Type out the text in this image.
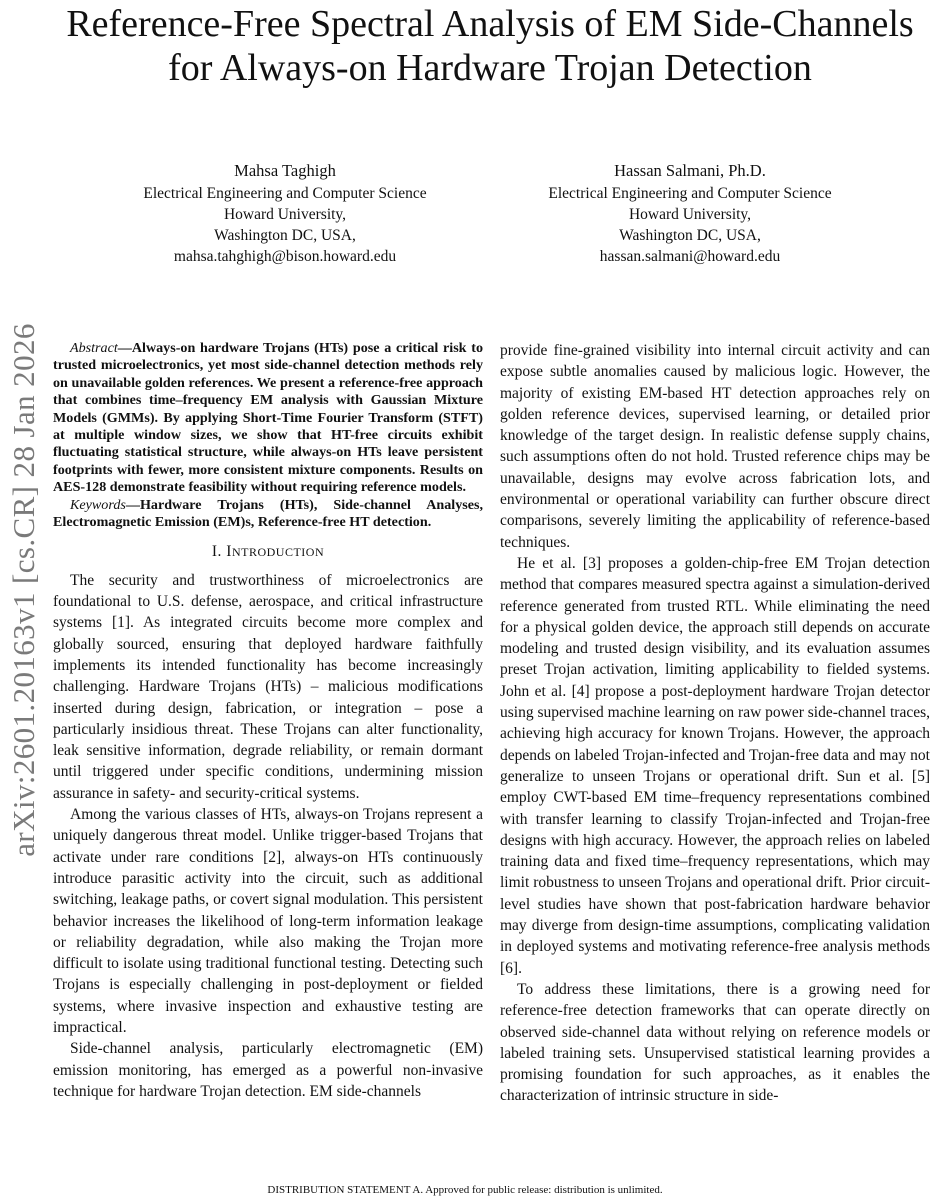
Reference-Free Spectral Analysis of EM Side-Channels for Always-on Hardware Trojan Detection
Mahsa Taghigh
Electrical Engineering and Computer Science
Howard University,
Washington DC, USA,
mahsa.tahghigh@bison.howard.edu
Hassan Salmani, Ph.D.
Electrical Engineering and Computer Science
Howard University,
Washington DC, USA,
hassan.salmani@howard.edu
arXiv:2601.20163v1 [cs.CR] 28 Jan 2026	Abstract—Always-on hardware Trojans (HTs) pose a critical risk to trusted microelectronics, yet most side-channel detection methods rely on unavailable golden references. We present a reference-free approach that combines time–frequency EM analysis with Gaussian Mixture Models (GMMs). By applying Short-Time Fourier Transform (STFT) at multiple window sizes, we show that HT-free circuits exhibit fluctuating statistical structure, while always-on HTs leave persistent footprints with fewer, more consistent mixture components. Results on AES-128 demonstrate feasibility without requiring reference models.

Keywords—Hardware Trojans (HTs), Side-channel Analyses, Electromagnetic Emission (EM)s, Reference-free HT detection.

I. INTRODUCTION

The security and trustworthiness of microelectronics are foundational to U.S. defense, aerospace, and critical infrastructure systems [1]. As integrated circuits become more complex and globally sourced, ensuring that deployed hardware faithfully implements its intended functionality has become increasingly challenging. Hardware Trojans (HTs) – malicious modifications inserted during design, fabrication, or integration – pose a particularly insidious threat. These Trojans can alter functionality, leak sensitive information, degrade reliability, or remain dormant until triggered under specific conditions, undermining mission assurance in safety- and security-critical systems.

Among the various classes of HTs, always-on Trojans represent a uniquely dangerous threat model. Unlike trigger-based Trojans that activate under rare conditions [2], always-on HTs continuously introduce parasitic activity into the circuit, such as additional switching, leakage paths, or covert signal modulation. This persistent behavior increases the likelihood of long-term information leakage or reliability degradation, while also making the Trojan more difficult to isolate using traditional functional testing. Detecting such Trojans is especially challenging in post-deployment or fielded systems, where invasive inspection and exhaustive testing are impractical.

Side-channel analysis, particularly electromagnetic (EM) emission monitoring, has emerged as a powerful non-invasive technique for hardware Trojan detection. EM side-channels

provide fine-grained visibility into internal circuit activity and can expose subtle anomalies caused by malicious logic. However, the majority of existing EM-based HT detection approaches rely on golden reference devices, supervised learning, or detailed prior knowledge of the target design. In realistic defense supply chains, such assumptions often do not hold. Trusted reference chips may be unavailable, designs may evolve across fabrication lots, and environmental or operational variability can further obscure direct comparisons, severely limiting the applicability of reference-based techniques.

He et al. [3] proposes a golden-chip-free EM Trojan detection method that compares measured spectra against a simulation-derived reference generated from trusted RTL. While eliminating the need for a physical golden device, the approach still depends on accurate modeling and trusted design visibility, and its evaluation assumes preset Trojan activation, limiting applicability to fielded systems. John et al. [4] propose a post-deployment hardware Trojan detector using supervised machine learning on raw power side-channel traces, achieving high accuracy for known Trojans. However, the approach depends on labeled Trojan-infected and Trojan-free data and may not generalize to unseen Trojans or operational drift. Sun et al. [5] employ CWT-based EM time–frequency representations combined with transfer learning to classify Trojan-infected and Trojan-free designs with high accuracy. However, the approach relies on labeled training data and fixed time–frequency representations, which may limit robustness to unseen Trojans and operational drift. Prior circuit-level studies have shown that post-fabrication hardware behavior may diverge from design-time assumptions, complicating validation in deployed systems and motivating reference-free analysis methods [6].

To address these limitations, there is a growing need for reference-free detection frameworks that can operate directly on observed side-channel data without relying on reference models or labeled training sets. Unsupervised statistical learning provides a promising foundation for such approaches, as it enables the characterization of intrinsic structure in side-

DISTRIBUTION STATEMENT A. Approved for public release: distribution is unlimited.
